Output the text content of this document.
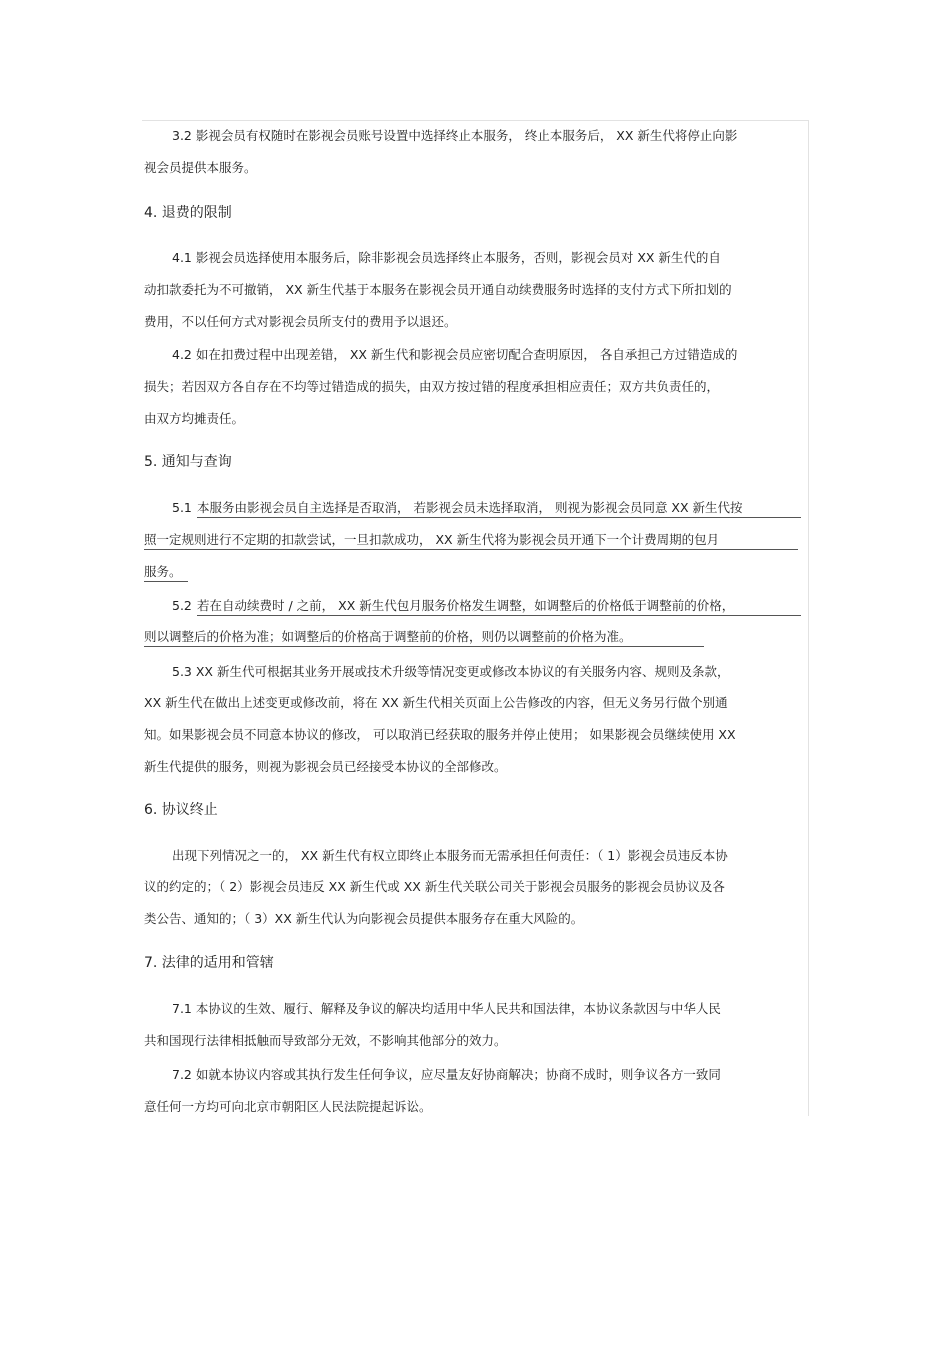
3.2 影视会员有权随时在影视会员账号设置中选择终止本服务， 终止本服务后， XX 新生代将停止向影
视会员提供本服务。
4. 退费的限制
4.1 影视会员选择使用本服务后，除非影视会员选择终止本服务，否则，影视会员对 XX 新生代的自
动扣款委托为不可撤销， XX 新生代基于本服务在影视会员开通自动续费服务时选择的支付方式下所扣划的
费用，不以任何方式对影视会员所支付的费用予以退还。
4.2 如在扣费过程中出现差错， XX 新生代和影视会员应密切配合查明原因， 各自承担己方过错造成的
损失；若因双方各自存在不均等过错造成的损失，由双方按过错的程度承担相应责任；双方共负责任的，
由双方均摊责任。
5. 通知与查询
5.1 本服务由影视会员自主选择是否取消， 若影视会员未选择取消， 则视为影视会员同意 XX 新生代按
照一定规则进行不定期的扣款尝试，一旦扣款成功， XX 新生代将为影视会员开通下一个计费周期的包月
服务。
5.2 若在自动续费时 / 之前， XX 新生代包月服务价格发生调整，如调整后的价格低于调整前的价格，
则以调整后的价格为准；如调整后的价格高于调整前的价格，则仍以调整前的价格为准。
5.3 XX 新生代可根据其业务开展或技术升级等情况变更或修改本协议的有关服务内容、规则及条款，
XX 新生代在做出上述变更或修改前，将在 XX 新生代相关页面上公告修改的内容，但无义务另行做个别通
知。如果影视会员不同意本协议的修改， 可以取消已经获取的服务并停止使用； 如果影视会员继续使用 XX
新生代提供的服务，则视为影视会员已经接受本协议的全部修改。
6. 协议终止
出现下列情况之一的， XX 新生代有权立即终止本服务而无需承担任何责任：（ 1）影视会员违反本协
议的约定的；（ 2）影视会员违反 XX 新生代或 XX 新生代关联公司关于影视会员服务的影视会员协议及各
类公告、通知的；（ 3）XX 新生代认为向影视会员提供本服务存在重大风险的。
7. 法律的适用和管辖
7.1 本协议的生效、履行、解释及争议的解决均适用中华人民共和国法律，本协议条款因与中华人民
共和国现行法律相抵触而导致部分无效，不影响其他部分的效力。
7.2 如就本协议内容或其执行发生任何争议，应尽量友好协商解决；协商不成时，则争议各方一致同
意任何一方均可向北京市朝阳区人民法院提起诉讼。
